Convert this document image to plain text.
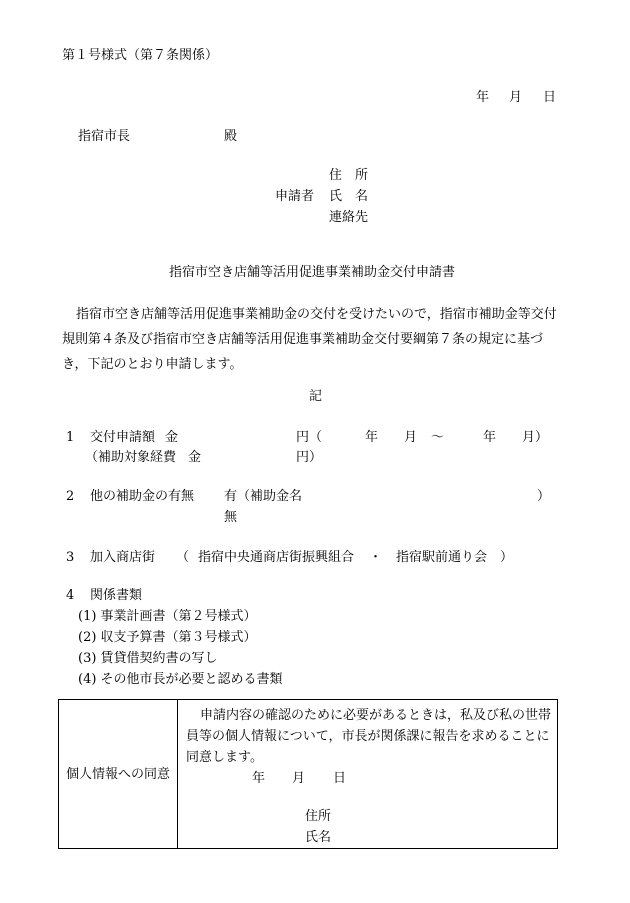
第１号様式（第７条関係）
年 月 日
指宿市長	殿
住　所
申請者 氏　名
連絡先
指宿市空き店舗等活用促進事業補助金交付申請書
指宿市空き店舗等活用促進事業補助金の交付を受けたいので，指宿市補助金等交付
規則第４条及び指宿市空き店舗等活用促進事業補助金交付要綱第７条の規定に基づ
き，下記のとおり申請します。
記
1 交付申請額 金	円（	年 月 ～	年 月）
（補助対象経費 金	円）
2 他の補助金の有無 有（補助金名	）
無
3 加入商店街 （ 指宿中央通商店街振興組合 ・ 指宿駅前通り会 ）
4 関係書類
(1) 事業計画書（第２号様式）
(2) 収支予算書（第３号様式）
(3) 賃貸借契約書の写し
(4) その他市長が必要と認める書類
個人情報への同意	
申請内容の確認のために必要があるときは，私及び私の世帯
員等の個人情報について，市長が関係課に報告を求めることに
同意します。
年 月 日
住所
氏名
